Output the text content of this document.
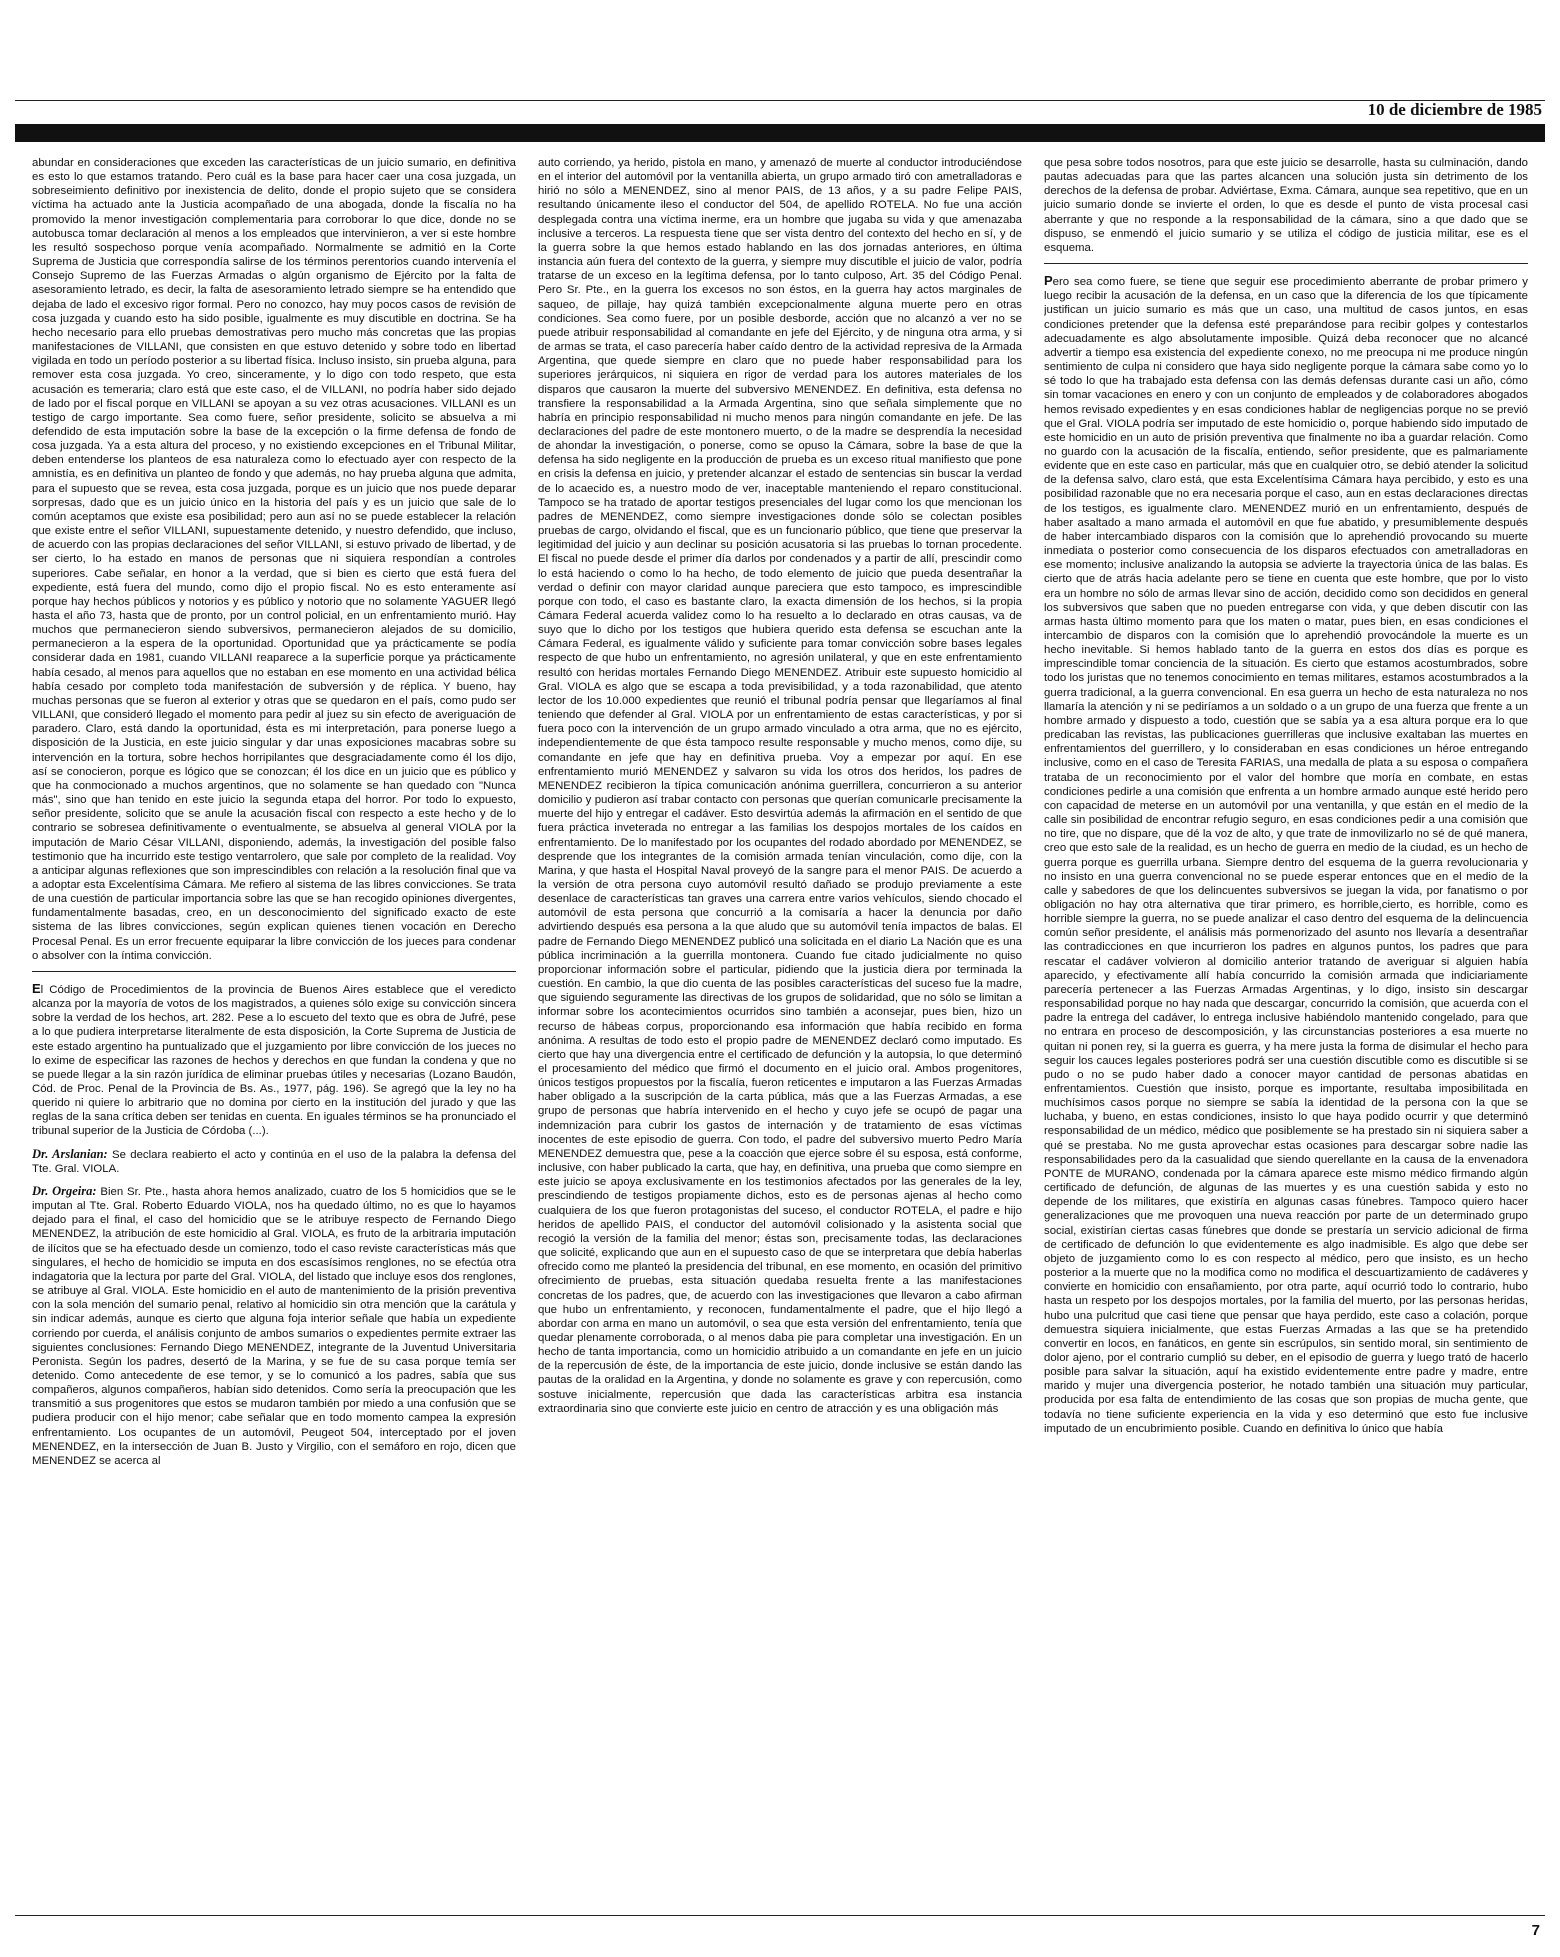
10 de diciembre de 1985

abundar en consideraciones que exceden las características de un juicio sumario, en definitiva es esto lo que estamos tratando. Pero cuál es la base para hacer caer una cosa juzgada, un sobreseimiento definitivo por inexistencia de delito, donde el propio sujeto que se considera víctima ha actuado ante la Justicia acompañado de una abogada, donde la fiscalía no ha promovido la menor investigación complementaria para corroborar lo que dice, donde no se autobusca tomar declaración al menos a los empleados que intervinieron, a ver si este hombre les resultó sospechoso porque venía acompañado. Normalmente se admitió en la Corte Suprema de Justicia que correspondía salirse de los términos perentorios cuando intervenía el Consejo Supremo de las Fuerzas Armadas o algún organismo de Ejército por la falta de asesoramiento letrado, es decir, la falta de asesoramiento letrado siempre se ha entendido que dejaba de lado el excesivo rigor formal. Pero no conozco, hay muy pocos casos de revisión de cosa juzgada y cuando esto ha sido posible, igualmente es muy discutible en doctrina. Se ha hecho necesario para ello pruebas demostrativas pero mucho más concretas que las propias manifestaciones de VILLANI, que consisten en que estuvo detenido y sobre todo en libertad vigilada en todo un período posterior a su libertad física. Incluso insisto, sin prueba alguna, para remover esta cosa juzgada. Yo creo, sinceramente, y lo digo con todo respeto, que esta acusación es temeraria; claro está que este caso, el de VILLANI, no podría haber sido dejado de lado por el fiscal porque en VILLANI se apoyan a su vez otras acusaciones. VILLANI es un testigo de cargo importante. Sea como fuere, señor presidente, solicito se absuelva a mi defendido de esta imputación sobre la base de la excepción o la firme defensa de fondo de cosa juzgada. Ya a esta altura del proceso, y no existiendo excepciones en el Tribunal Militar, deben entenderse los planteos de esa naturaleza como lo efectuado ayer con respecto de la amnistía, es en definitiva un planteo de fondo y que además, no hay prueba alguna que admita, para el supuesto que se revea, esta cosa juzgada, porque es un juicio que nos puede deparar sorpresas, dado que es un juicio único en la historia del país y es un juicio que sale de lo común aceptamos que existe esa posibilidad; pero aun así no se puede establecer la relación que existe entre el señor VILLANI, supuestamente detenido, y nuestro defendido, que incluso, de acuerdo con las propias declaraciones del señor VILLANI, si estuvo privado de libertad, y de ser cierto, lo ha estado en manos de personas que ni siquiera respondían a controles superiores. Cabe señalar, en honor a la verdad, que si bien es cierto que está fuera del expediente, está fuera del mundo, como dijo el propio fiscal. No es esto enteramente así porque hay hechos públicos y notorios y es público y notorio que no solamente YAGUER llegó hasta el año 73, hasta que de pronto, por un control policial, en un enfrentamiento murió. Hay muchos que permanecieron siendo subversivos, permanecieron alejados de su domicilio, permanecieron a la espera de la oportunidad. Oportunidad que ya prácticamente se podía considerar dada en 1981, cuando VILLANI reaparece a la superficie porque ya prácticamente había cesado, al menos para aquellos que no estaban en ese momento en una actividad bélica había cesado por completo toda manifestación de subversión y de réplica. Y bueno, hay muchas personas que se fueron al exterior y otras que se quedaron en el país, como pudo ser VILLANI, que consideró llegado el momento para pedir al juez su sin efecto de averiguación de paradero. Claro, está dando la oportunidad, ésta es mi interpretación, para ponerse luego a disposición de la Justicia, en este juicio singular y dar unas exposiciones macabras sobre su intervención en la tortura, sobre hechos horripilantes que desgraciadamente como él los dijo, así se conocieron, porque es lógico que se conozcan; él los dice en un juicio que es público y que ha conmocionado a muchos argentinos, que no solamente se han quedado con "Nunca más", sino que han tenido en este juicio la segunda etapa del horror. Por todo lo expuesto, señor presidente, solicito que se anule la acusación fiscal con respecto a este hecho y de lo contrario se sobresea definitivamente o eventualmente, se absuelva al general VIOLA por la imputación de Mario César VILLANI, disponiendo, además, la investigación del posible falso testimonio que ha incurrido este testigo ventarrolero, que sale por completo de la realidad. Voy a anticipar algunas reflexiones que son imprescindibles con relación a la resolución final que va a adoptar esta Excelentísima Cámara. Me refiero al sistema de las libres convicciones. Se trata de una cuestión de particular importancia sobre las que se han recogido opiniones divergentes, fundamentalmente basadas, creo, en un desconocimiento del significado exacto de este sistema de las libres convicciones, según explican quienes tienen vocación en Derecho Procesal Penal. Es un error frecuente equiparar la libre convicción de los jueces para condenar o absolver con la íntima convicción.

El Código de Procedimientos de la provincia de Buenos Aires establece que el veredicto alcanza por la mayoría de votos de los magistrados, a quienes sólo exige su convicción sincera sobre la verdad de los hechos, art. 282. Pese a lo escueto del texto que es obra de Jufré, pese a lo que pudiera interpretarse literalmente de esta disposición, la Corte Suprema de Justicia de este estado argentino ha puntualizado que el juzgamiento por libre convicción de los jueces no lo exime de especificar las razones de hechos y derechos en que fundan la condena y que no se puede llegar a la sin razón jurídica de eliminar pruebas útiles y necesarias (Lozano Baudón, Cód. de Proc. Penal de la Provincia de Bs. As., 1977, pág. 196). Se agregó que la ley no ha querido ni quiere lo arbitrario que no domina por cierto en la institución del jurado y que las reglas de la sana crítica deben ser tenidas en cuenta. En iguales términos se ha pronunciado el tribunal superior de la Justicia de Córdoba (...).

Dr. Arslanian: Se declara reabierto el acto y continúa en el uso de la palabra la defensa del Tte. Gral. VIOLA.

Dr. Orgeira: Bien Sr. Pte., hasta ahora hemos analizado, cuatro de los 5 homicidios que se le imputan al Tte. Gral. Roberto Eduardo VIOLA, nos ha quedado último, no es que lo hayamos dejado para el final, el caso del homicidio que se le atribuye respecto de Fernando Diego MENENDEZ, la atribución de este homicidio al Gral. VIOLA, es fruto de la arbitraria imputación de ilícitos que se ha efectuado desde un comienzo, todo el caso reviste características más que singulares, el hecho de homicidio se imputa en dos escasísimos renglones, no se efectúa otra indagatoria que la lectura por parte del Gral. VIOLA, del listado que incluye esos dos renglones, se atribuye al Gral. VIOLA. Este homicidio en el auto de mantenimiento de la prisión preventiva con la sola mención del sumario penal, relativo al homicidio sin otra mención que la carátula y sin indicar además, aunque es cierto que alguna foja interior señale que había un expediente corriendo por cuerda, el análisis conjunto de ambos sumarios o expedientes permite extraer las siguientes conclusiones: Fernando Diego MENENDEZ, integrante de la Juventud Universitaria Peronista. Según los padres, desertó de la Marina, y se fue de su casa porque temía ser detenido. Como antecedente de ese temor, y se lo comunicó a los padres, sabía que sus compañeros, algunos compañeros, habían sido detenidos. Como sería la preocupación que les transmitió a sus progenitores que estos se mudaron también por miedo a una confusión que se pudiera producir con el hijo menor; cabe señalar que en todo momento campea la expresión enfrentamiento. Los ocupantes de un automóvil, Peugeot 504, interceptado por el joven MENENDEZ, en la intersección de Juan B. Justo y Virgilio, con el semáforo en rojo, dicen que MENENDEZ se acerca al

auto corriendo, ya herido, pistola en mano, y amenazó de muerte al conductor introduciéndose en el interior del automóvil por la ventanilla abierta, un grupo armado tiró con ametralladoras e hirió no sólo a MENENDEZ, sino al menor PAIS, de 13 años, y a su padre Felipe PAIS, resultando únicamente ileso el conductor del 504, de apellido ROTELA. No fue una acción desplegada contra una víctima inerme, era un hombre que jugaba su vida y que amenazaba inclusive a terceros. La respuesta tiene que ser vista dentro del contexto del hecho en sí, y de la guerra sobre la que hemos estado hablando en las dos jornadas anteriores, en última instancia aún fuera del contexto de la guerra, y siempre muy discutible el juicio de valor, podría tratarse de un exceso en la legítima defensa, por lo tanto culposo, Art. 35 del Código Penal. Pero Sr. Pte., en la guerra los excesos no son éstos, en la guerra hay actos marginales de saqueo, de pillaje, hay quizá también excepcionalmente alguna muerte pero en otras condiciones. Sea como fuere, por un posible desborde, acción que no alcanzó a ver no se puede atribuir responsabilidad al comandante en jefe del Ejército, y de ninguna otra arma, y si de armas se trata, el caso parecería haber caído dentro de la actividad represiva de la Armada Argentina, que quede siempre en claro que no puede haber responsabilidad para los superiores jerárquicos, ni siquiera en rigor de verdad para los autores materiales de los disparos que causaron la muerte del subversivo MENENDEZ. En definitiva, esta defensa no transfiere la responsabilidad a la Armada Argentina, sino que señala simplemente que no habría en principio responsabilidad ni mucho menos para ningún comandante en jefe. De las declaraciones del padre de este montonero muerto, o de la madre se desprendía la necesidad de ahondar la investigación, o ponerse, como se opuso la Cámara, sobre la base de que la defensa ha sido negligente en la producción de prueba es un exceso ritual manifiesto que pone en crisis la defensa en juicio, y pretender alcanzar el estado de sentencias sin buscar la verdad de lo acaecido es, a nuestro modo de ver, inaceptable manteniendo el reparo constitucional. Tampoco se ha tratado de aportar testigos presenciales del lugar como los que mencionan los padres de MENENDEZ, como siempre investigaciones donde sólo se colectan posibles pruebas de cargo, olvidando el fiscal, que es un funcionario público, que tiene que preservar la legitimidad del juicio y aun declinar su posición acusatoria si las pruebas lo tornan procedente. El fiscal no puede desde el primer día darlos por condenados y a partir de allí, prescindir como lo está haciendo o como lo ha hecho, de todo elemento de juicio que pueda desentrañar la verdad o definir con mayor claridad aunque pareciera que esto tampoco, es imprescindible porque con todo, el caso es bastante claro, la exacta dimensión de los hechos, si la propia Cámara Federal acuerda validez como lo ha resuelto a lo declarado en otras causas, va de suyo que lo dicho por los testigos que hubiera querido esta defensa se escuchan ante la Cámara Federal, es igualmente válido y suficiente para tomar convicción sobre bases legales respecto de que hubo un enfrentamiento, no agresión unilateral, y que en este enfrentamiento resultó con heridas mortales Fernando Diego MENENDEZ. Atribuir este supuesto homicidio al Gral. VIOLA es algo que se escapa a toda previsibilidad, y a toda razonabilidad, que atento lector de los 10.000 expedientes que reunió el tribunal podría pensar que llegaríamos al final teniendo que defender al Gral. VIOLA por un enfrentamiento de estas características, y por si fuera poco con la intervención de un grupo armado vinculado a otra arma, que no es ejército, independientemente de que ésta tampoco resulte responsable y mucho menos, como dije, su comandante en jefe que hay en definitiva prueba. Voy a empezar por aquí. En ese enfrentamiento murió MENENDEZ y salvaron su vida los otros dos heridos, los padres de MENENDEZ recibieron la típica comunicación anónima guerrillera, concurrieron a su anterior domicilio y pudieron así trabar contacto con personas que querían comunicarle precisamente la muerte del hijo y entregar el cadáver. Esto desvirtúa además la afirmación en el sentido de que fuera práctica inveterada no entregar a las familias los despojos mortales de los caídos en enfrentamiento. De lo manifestado por los ocupantes del rodado abordado por MENENDEZ, se desprende que los integrantes de la comisión armada tenían vinculación, como dije, con la Marina, y que hasta el Hospital Naval proveyó de la sangre para el menor PAIS. De acuerdo a la versión de otra persona cuyo automóvil resultó dañado se produjo previamente a este desenlace de características tan graves una carrera entre varios vehículos, siendo chocado el automóvil de esta persona que concurrió a la comisaría a hacer la denuncia por daño advirtiendo después esa persona a la que aludo que su automóvil tenía impactos de balas. El padre de Fernando Diego MENENDEZ publicó una solicitada en el diario La Nación que es una pública incriminación a la guerrilla montonera. Cuando fue citado judicialmente no quiso proporcionar información sobre el particular, pidiendo que la justicia diera por terminada la cuestión. En cambio, la que dio cuenta de las posibles características del suceso fue la madre, que siguiendo seguramente las directivas de los grupos de solidaridad, que no sólo se limitan a informar sobre los acontecimientos ocurridos sino también a aconsejar, pues bien, hizo un recurso de hábeas corpus, proporcionando esa información que había recibido en forma anónima. A resultas de todo esto el propio padre de MENENDEZ declaró como imputado. Es cierto que hay una divergencia entre el certificado de defunción y la autopsia, lo que determinó el procesamiento del médico que firmó el documento en el juicio oral. Ambos progenitores, únicos testigos propuestos por la fiscalía, fueron reticentes e imputaron a las Fuerzas Armadas haber obligado a la suscripción de la carta pública, más que a las Fuerzas Armadas, a ese grupo de personas que habría intervenido en el hecho y cuyo jefe se ocupó de pagar una indemnización para cubrir los gastos de internación y de tratamiento de esas víctimas inocentes de este episodio de guerra. Con todo, el padre del subversivo muerto Pedro María MENENDEZ demuestra que, pese a la coacción que ejerce sobre él su esposa, está conforme, inclusive, con haber publicado la carta, que hay, en definitiva, una prueba que como siempre en este juicio se apoya exclusivamente en los testimonios afectados por las generales de la ley, prescindiendo de testigos propiamente dichos, esto es de personas ajenas al hecho como cualquiera de los que fueron protagonistas del suceso, el conductor ROTELA, el padre e hijo heridos de apellido PAIS, el conductor del automóvil colisionado y la asistenta social que recogió la versión de la familia del menor; éstas son, precisamente todas, las declaraciones que solicité, explicando que aun en el supuesto caso de que se interpretara que debía haberlas ofrecido como me planteó la presidencia del tribunal, en ese momento, en ocasión del primitivo ofrecimiento de pruebas, esta situación quedaba resuelta frente a las manifestaciones concretas de los padres, que, de acuerdo con las investigaciones que llevaron a cabo afirman que hubo un enfrentamiento, y reconocen, fundamentalmente el padre, que el hijo llegó a abordar con arma en mano un automóvil, o sea que esta versión del enfrentamiento, tenía que quedar plenamente corroborada, o al menos daba pie para completar una investigación. En un hecho de tanta importancia, como un homicidio atribuido a un comandante en jefe en un juicio de la repercusión de éste, de la importancia de este juicio, donde inclusive se están dando las pautas de la oralidad en la Argentina, y donde no solamente es grave y con repercusión, como sostuve inicialmente, repercusión que dada las características arbitra esa instancia extraordinaria sino que convierte este juicio en centro de atracción y es una obligación más

que pesa sobre todos nosotros, para que este juicio se desarrolle, hasta su culminación, dando pautas adecuadas para que las partes alcancen una solución justa sin detrimento de los derechos de la defensa de probar. Adviértase, Exma. Cámara, aunque sea repetitivo, que en un juicio sumario donde se invierte el orden, lo que es desde el punto de vista procesal casi aberrante y que no responde a la responsabilidad de la cámara, sino a que dado que se dispuso, se enmendó el juicio sumario y se utiliza el código de justicia militar, ese es el esquema.

Pero sea como fuere, se tiene que seguir ese procedimiento aberrante de probar primero y luego recibir la acusación de la defensa, en un caso que la diferencia de los que típicamente justifican un juicio sumario es más que un caso, una multitud de casos juntos, en esas condiciones pretender que la defensa esté preparándose para recibir golpes y contestarlos adecuadamente es algo absolutamente imposible. Quizá deba reconocer que no alcancé advertir a tiempo esa existencia del expediente conexo, no me preocupa ni me produce ningún sentimiento de culpa ni considero que haya sido negligente porque la cámara sabe como yo lo sé todo lo que ha trabajado esta defensa con las demás defensas durante casi un año, cómo sin tomar vacaciones en enero y con un conjunto de empleados y de colaboradores abogados hemos revisado expedientes y en esas condiciones hablar de negligencias porque no se previó que el Gral. VIOLA podría ser imputado de este homicidio o, porque habiendo sido imputado de este homicidio en un auto de prisión preventiva que finalmente no iba a guardar relación. Como no guardo con la acusación de la fiscalía, entiendo, señor presidente, que es palmariamente evidente que en este caso en particular, más que en cualquier otro, se debió atender la solicitud de la defensa salvo, claro está, que esta Excelentísima Cámara haya percibido, y esto es una posibilidad razonable que no era necesaria porque el caso, aun en estas declaraciones directas de los testigos, es igualmente claro. MENENDEZ murió en un enfrentamiento, después de haber asaltado a mano armada el automóvil en que fue abatido, y presumiblemente después de haber intercambiado disparos con la comisión que lo aprehendió provocando su muerte inmediata o posterior como consecuencia de los disparos efectuados con ametralladoras en ese momento; inclusive analizando la autopsia se advierte la trayectoria única de las balas. Es cierto que de atrás hacia adelante pero se tiene en cuenta que este hombre, que por lo visto era un hombre no sólo de armas llevar sino de acción, decidido como son decididos en general los subversivos que saben que no pueden entregarse con vida, y que deben discutir con las armas hasta último momento para que los maten o matar, pues bien, en esas condiciones el intercambio de disparos con la comisión que lo aprehendió provocándole la muerte es un hecho inevitable. Si hemos hablado tanto de la guerra en estos dos días es porque es imprescindible tomar conciencia de la situación. Es cierto que estamos acostumbrados, sobre todo los juristas que no tenemos conocimiento en temas militares, estamos acostumbrados a la guerra tradicional, a la guerra convencional. En esa guerra un hecho de esta naturaleza no nos llamaría la atención y ni se pediríamos a un soldado o a un grupo de una fuerza que frente a un hombre armado y dispuesto a todo, cuestión que se sabía ya a esa altura porque era lo que predicaban las revistas, las publicaciones guerrilleras que inclusive exaltaban las muertes en enfrentamientos del guerrillero, y lo consideraban en esas condiciones un héroe entregando inclusive, como en el caso de Teresita FARIAS, una medalla de plata a su esposa o compañera trataba de un reconocimiento por el valor del hombre que moría en combate, en estas condiciones pedirle a una comisión que enfrenta a un hombre armado aunque esté herido pero con capacidad de meterse en un automóvil por una ventanilla, y que están en el medio de la calle sin posibilidad de encontrar refugio seguro, en esas condiciones pedir a una comisión que no tire, que no dispare, que dé la voz de alto, y que trate de inmovilizarlo no sé de qué manera, creo que esto sale de la realidad, es un hecho de guerra en medio de la ciudad, es un hecho de guerra porque es guerrilla urbana. Siempre dentro del esquema de la guerra revolucionaria y no insisto en una guerra convencional no se puede esperar entonces que en el medio de la calle y sabedores de que los delincuentes subversivos se juegan la vida, por fanatismo o por obligación no hay otra alternativa que tirar primero, es horrible,cierto, es horrible, como es horrible siempre la guerra, no se puede analizar el caso dentro del esquema de la delincuencia común señor presidente, el análisis más pormenorizado del asunto nos llevaría a desentrañar las contradicciones en que incurrieron los padres en algunos puntos, los padres que para rescatar el cadáver volvieron al domicilio anterior tratando de averiguar si alguien había aparecido, y efectivamente allí había concurrido la comisión armada que indiciariamente parecería pertenecer a las Fuerzas Armadas Argentinas, y lo digo, insisto sin descargar responsabilidad porque no hay nada que descargar, concurrido la comisión, que acuerda con el padre la entrega del cadáver, lo entrega inclusive habiéndolo mantenido congelado, para que no entrara en proceso de descomposición, y las circunstancias posteriores a esa muerte no quitan ni ponen rey, si la guerra es guerra, y ha mere justa la forma de disimular el hecho para seguir los cauces legales posteriores podrá ser una cuestión discutible como es discutible si se pudo o no se pudo haber dado a conocer mayor cantidad de personas abatidas en enfrentamientos. Cuestión que insisto, porque es importante, resultaba imposibilitada en muchísimos casos porque no siempre se sabía la identidad de la persona con la que se luchaba, y bueno, en estas condiciones, insisto lo que haya podido ocurrir y que determinó responsabilidad de un médico, médico que posiblemente se ha prestado sin ni siquiera saber a qué se prestaba. No me gusta aprovechar estas ocasiones para descargar sobre nadie las responsabilidades pero da la casualidad que siendo querellante en la causa de la envenadora PONTE de MURANO, condenada por la cámara aparece este mismo médico firmando algún certificado de defunción, de algunas de las muertes y es una cuestión sabida y esto no depende de los militares, que existiría en algunas casas fúnebres. Tampoco quiero hacer generalizaciones que me provoquen una nueva reacción por parte de un determinado grupo social, existirían ciertas casas fúnebres que donde se prestaría un servicio adicional de firma de certificado de defunción lo que evidentemente es algo inadmisible. Es algo que debe ser objeto de juzgamiento como lo es con respecto al médico, pero que insisto, es un hecho posterior a la muerte que no la modifica como no modifica el descuartizamiento de cadáveres y convierte en homicidio con ensañamiento, por otra parte, aquí ocurrió todo lo contrario, hubo hasta un respeto por los despojos mortales, por la familia del muerto, por las personas heridas, hubo una pulcritud que casi tiene que pensar que haya perdido, este caso a colación, porque demuestra siquiera inicialmente, que estas Fuerzas Armadas a las que se ha pretendido convertir en locos, en fanáticos, en gente sin escrúpulos, sin sentido moral, sin sentimiento de dolor ajeno, por el contrario cumplió su deber, en el episodio de guerra y luego trató de hacerlo posible para salvar la situación, aquí ha existido evidentemente entre padre y madre, entre marido y mujer una divergencia posterior, he notado también una situación muy particular, producida por esa falta de entendimiento de las cosas que son propias de mucha gente, que todavía no tiene suficiente experiencia en la vida y eso determinó que esto fue inclusive imputado de un encubrimiento posible. Cuando en definitiva lo único que había

7
